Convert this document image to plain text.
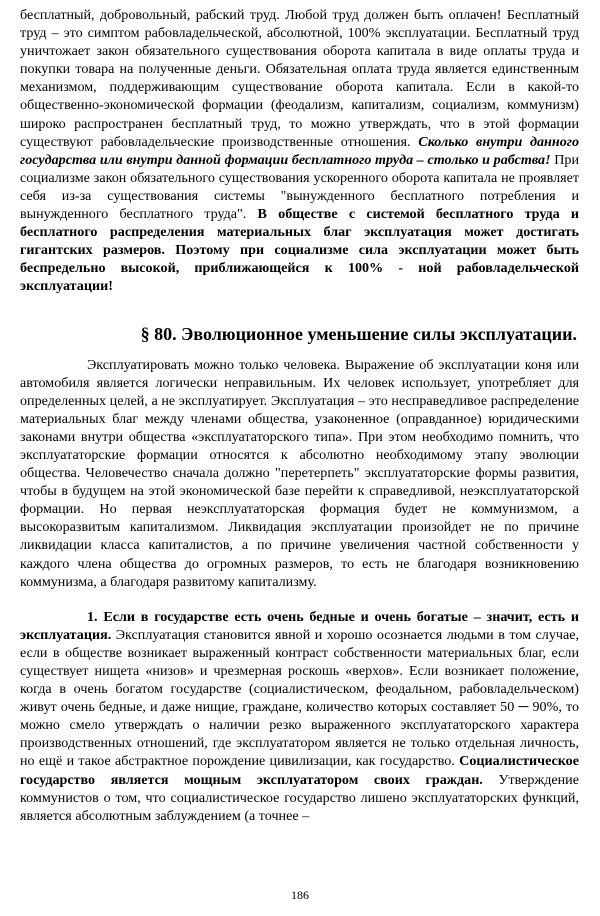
бесплатный, добровольный, рабский труд. Любой труд должен быть оплачен! Бесплатный труд – это симптом рабовладельческой, абсолютной, 100% эксплуатации. Бесплатный труд уничтожает закон обязательного существования оборота капитала в виде оплаты труда и покупки товара на полученные деньги. Обязательная оплата труда является единственным механизмом, поддерживающим существование оборота капитала. Если в какой-то общественно-экономической формации (феодализм, капитализм, социализм, коммунизм) широко распространен бесплатный труд, то можно утверждать, что в этой формации существуют рабовладельческие производственные отношения. Сколько внутри данного государства или внутри данной формации бесплатного труда – столько и рабства! При социализме закон обязательного существования ускоренного оборота капитала не проявляет себя из-за существования системы "вынужденного бесплатного потребления и вынужденного бесплатного труда". В обществе с системой бесплатного труда и бесплатного распределения материальных благ эксплуатация может достигать гигантских размеров. Поэтому при социализме сила эксплуатации может быть беспредельно высокой, приближающейся к 100% - ной рабовладельческой эксплуатации!

§ 80. Эволюционное уменьшение силы эксплуатации.

Эксплуатировать можно только человека. Выражение об эксплуатации коня или автомобиля является логически неправильным. Их человек использует, употребляет для определенных целей, а не эксплуатирует. Эксплуатация – это несправедливое распределение материальных благ между членами общества, узаконенное (оправданное) юридическими законами внутри общества «эксплуататорского типа». При этом необходимо помнить, что эксплуататорские формации относятся к абсолютно необходимому этапу эволюции общества. Человечество сначала должно "перетерпеть" эксплуататорские формы развития, чтобы в будущем на этой экономической базе перейти к справедливой, неэксплуататорской формации. Но первая неэксплуататорская формация будет не коммунизмом, а высокоразвитым капитализмом. Ликвидация эксплуатации произойдет не по причине ликвидации класса капиталистов, а по причине увеличения частной собственности у каждого члена общества до огромных размеров, то есть не благодаря возникновению коммунизма, а благодаря развитому капитализму.

1. Если в государстве есть очень бедные и очень богатые – значит, есть и эксплуатация. Эксплуатация становится явной и хорошо осознается людьми в том случае, если в обществе возникает выраженный контраст собственности материальных благ, если существует нищета «низов» и чрезмерная роскошь «верхов». Если возникает положение, когда в очень богатом государстве (социалистическом, феодальном, рабовладельческом) живут очень бедные, и даже нищие, граждане, количество которых составляет 50 ─ 90%, то можно смело утверждать о наличии резко выраженного эксплуататорского характера производственных отношений, где эксплуататором является не только отдельная личность, но ещё и такое абстрактное порождение цивилизации, как государство. Социалистическое государство является мощным эксплуататором своих граждан. Утверждение коммунистов о том, что социалистическое государство лишено эксплуататорских функций, является абсолютным заблуждением (а точнее –

186
